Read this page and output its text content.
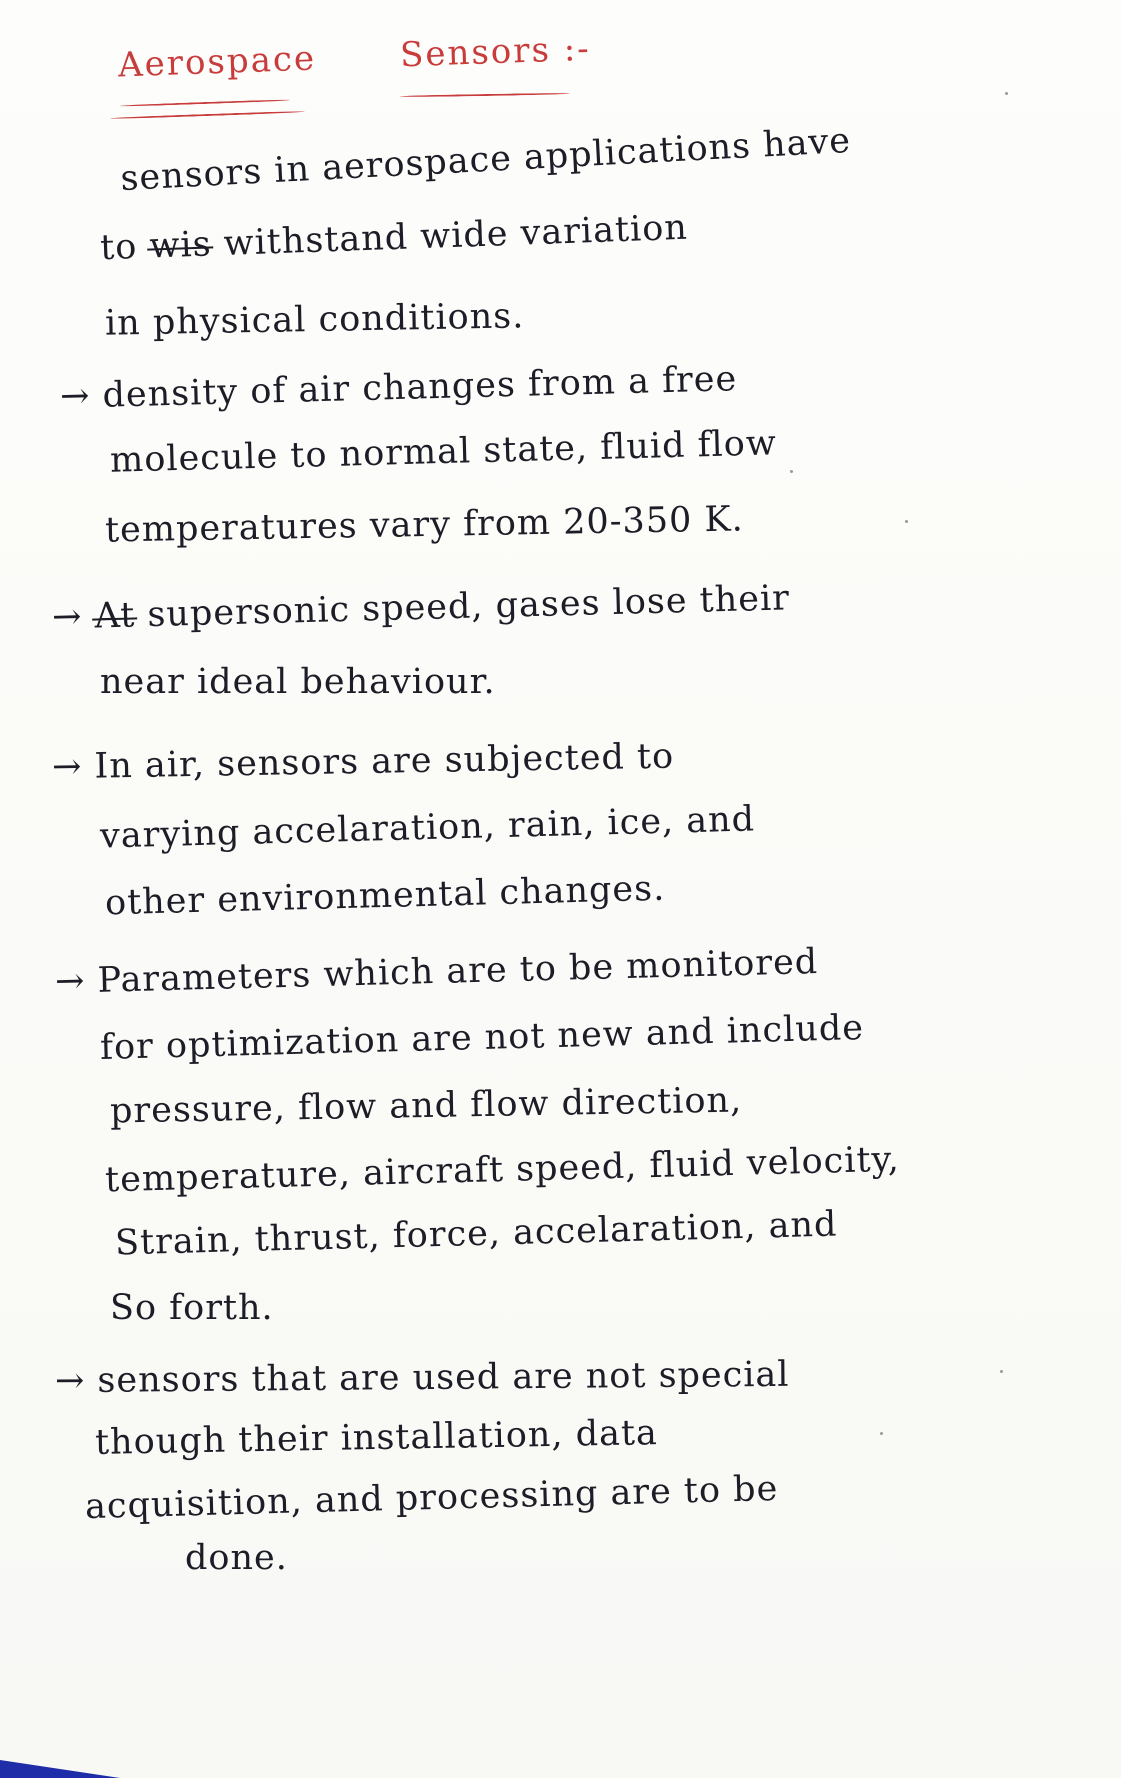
Aerospace Sensors :-
sensors in aerospace applications have
to wis withstand wide variation
in physical conditions.
→ density of air changes from a free
molecule to normal state, fluid flow
temperatures vary from 20-350 K.
→ At supersonic speed, gases lose their
near ideal behaviour.
→ In air, sensors are subjected to
varying accelaration, rain, ice, and
other environmental changes.
→ Parameters which are to be monitored
for optimization are not new and include
pressure, flow and flow direction,
temperature, aircraft speed, fluid velocity,
Strain, thrust, force, accelaration, and
So forth.
→ sensors that are used are not special
though their installation, data
acquisition, and processing are to be
done.
